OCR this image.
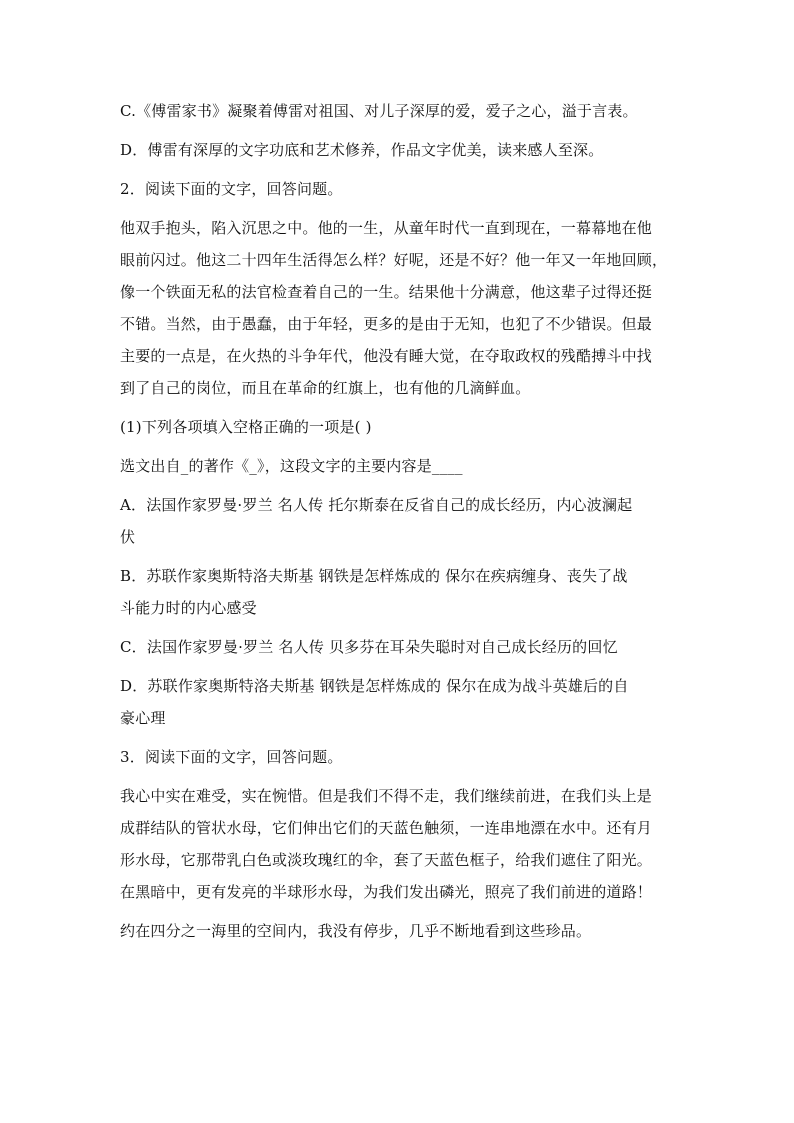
C.《傅雷家书》凝聚着傅雷对祖国、对儿子深厚的爱，爱子之心，溢于言表。

D．傅雷有深厚的文字功底和艺术修养，作品文字优美，读来感人至深。

2．阅读下面的文字，回答问题。

他双手抱头，陷入沉思之中。他的一生，从童年时代一直到现在，一幕幕地在他

眼前闪过。他这二十四年生活得怎么样？好呢，还是不好？他一年又一年地回顾，

像一个铁面无私的法官检查着自己的一生。结果他十分满意，他这辈子过得还挺

不错。当然，由于愚蠢，由于年轻，更多的是由于无知，也犯了不少错误。但最

主要的一点是，在火热的斗争年代，他没有睡大觉，在夺取政权的残酷搏斗中找

到了自己的岗位，而且在革命的红旗上，也有他的几滴鲜血。

(1)下列各项填入空格正确的一项是( )

选文出自_的著作《_》，这段文字的主要内容是____

A．法国作家罗曼·罗兰 名人传 托尔斯泰在反省自己的成长经历，内心波澜起

伏

B．苏联作家奥斯特洛夫斯基 钢铁是怎样炼成的 保尔在疾病缠身、丧失了战

斗能力时的内心感受

C．法国作家罗曼·罗兰 名人传 贝多芬在耳朵失聪时对自己成长经历的回忆

D．苏联作家奥斯特洛夫斯基 钢铁是怎样炼成的 保尔在成为战斗英雄后的自

豪心理

3．阅读下面的文字，回答问题。

我心中实在难受，实在惋惜。但是我们不得不走，我们继续前进，在我们头上是

成群结队的管状水母，它们伸出它们的天蓝色触须，一连串地漂在水中。还有月

形水母，它那带乳白色或淡玫瑰红的伞，套了天蓝色框子，给我们遮住了阳光。

在黑暗中，更有发亮的半球形水母，为我们发出磷光，照亮了我们前进的道路！

约在四分之一海里的空间内，我没有停步，几乎不断地看到这些珍品。
